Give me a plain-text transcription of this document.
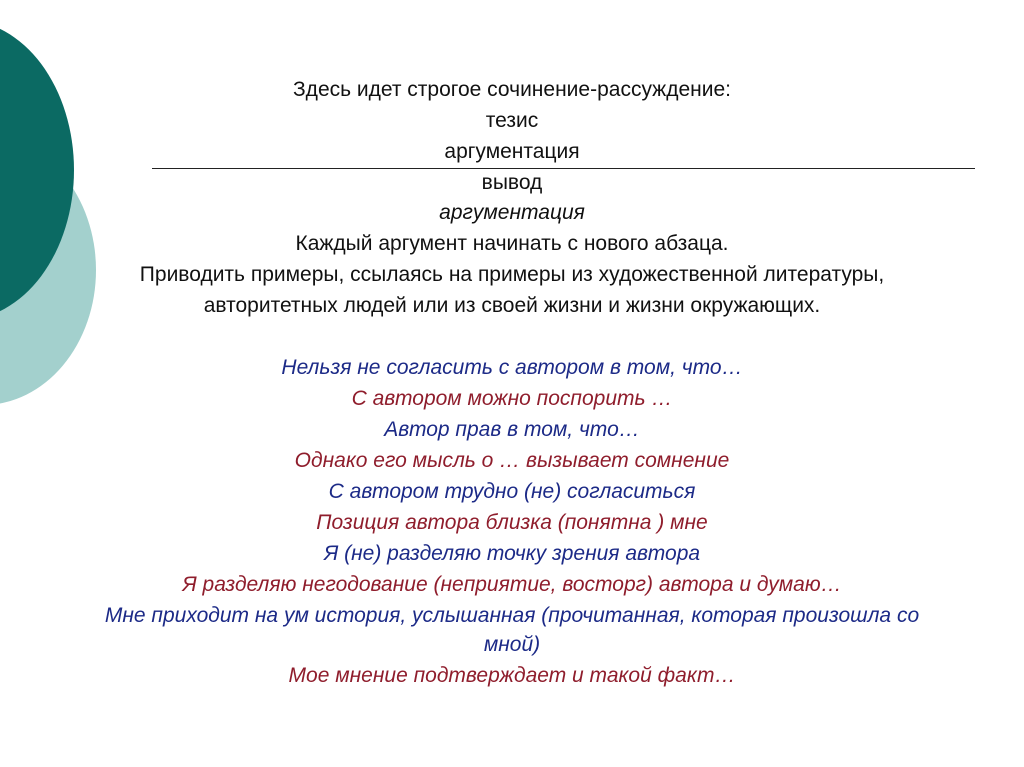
Здесь идет строгое сочинение-рассуждение:
тезис
аргументация
вывод
аргументация
Каждый аргумент начинать с нового абзаца.
Приводить примеры, ссылаясь на примеры из художественной литературы,
авторитетных людей или из своей жизни и жизни окружающих.
Нельзя не согласить с автором в том, что…
С автором можно поспорить …
Автор прав в том, что…
Однако его мысль о … вызывает сомнение
С автором трудно (не) согласиться
Позиция автора близка (понятна ) мне
Я (не) разделяю точку зрения автора
Я разделяю негодование (неприятие, восторг) автора и думаю…
Мне приходит на ум история, услышанная (прочитанная, которая произошла со
мной)
Мое мнение подтверждает и такой факт…
